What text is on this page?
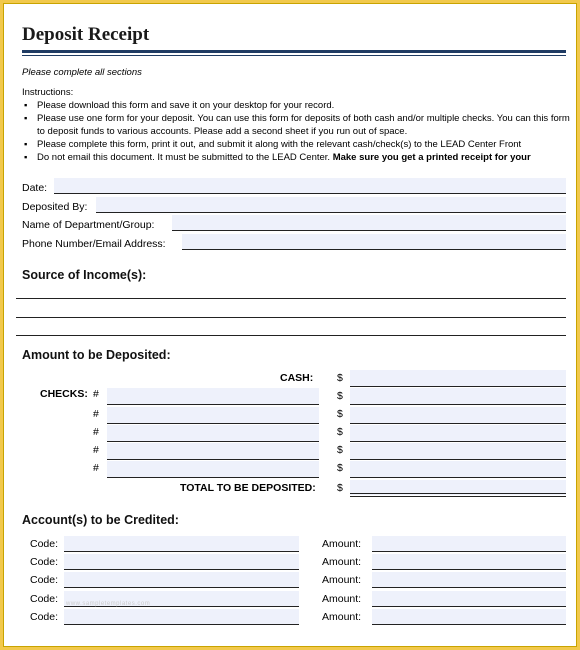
Deposit Receipt
Please complete all sections
Instructions:
▪ Please download this form and save it on your desktop for your record.
▪ Please use one form for your deposit. You can use this form for deposits of both cash and/or multiple checks. You can this form to deposit funds to various accounts. Please add a second sheet if you run out of space.
▪ Please complete this form, print it out, and submit it along with the relevant cash/check(s) to the LEAD Center Front
▪ Do not email this document. It must be submitted to the LEAD Center. Make sure you get a printed receipt for your
Date:
Deposited By:
Name of Department/Group:
Phone Number/Email Address:
Source of Income(s):
Amount to be Deposited:
CASH: $
CHECKS: #	$
#	$
#	$
#	$
#	$
TOTAL TO BE DEPOSITED: $
Account(s) to be Credited:
Code:	Amount:
Code:	Amount:
Code:	Amount:
Code: www.sampletemplates.com	Amount:
Code:	Amount:
